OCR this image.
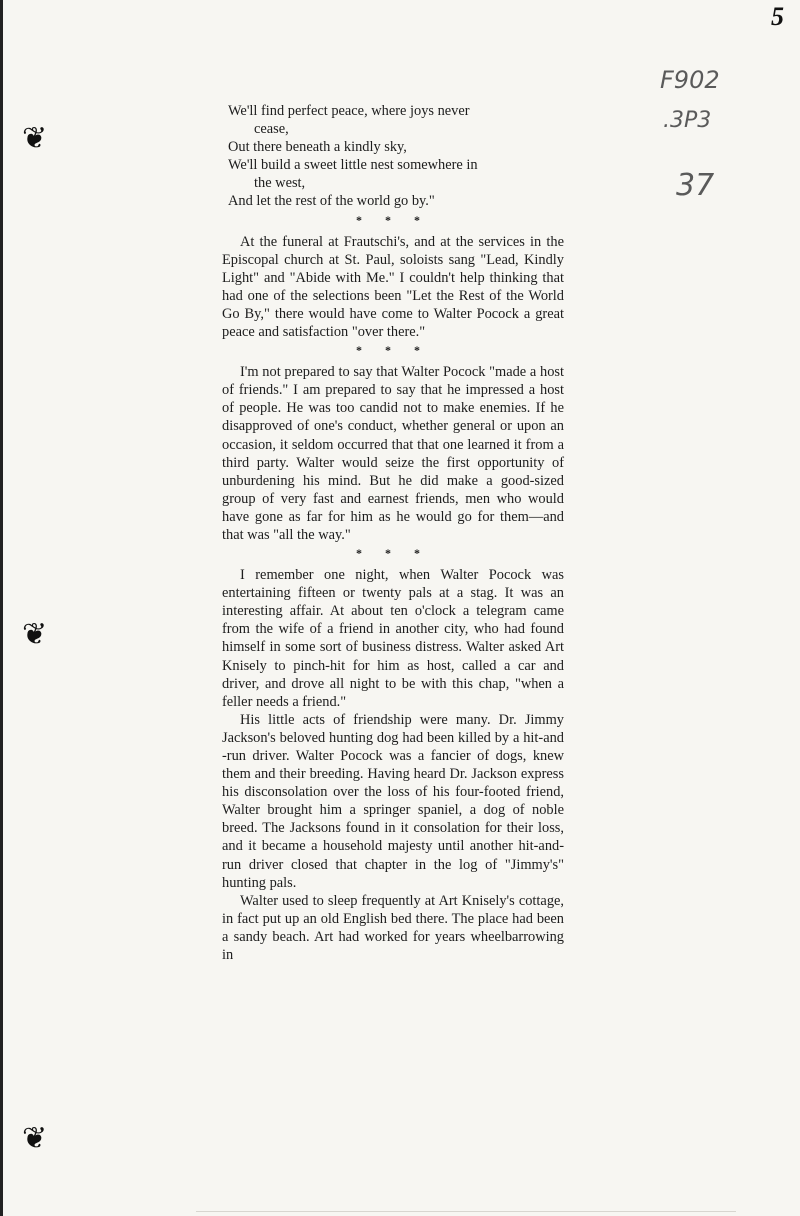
5
F902
.3P3
37
❦
❦
❦
We'll find perfect peace, where joys never
cease,
Out there beneath a kindly sky,
We'll build a sweet little nest somewhere in
the west,
And let the rest of the world go by."
* * *

At the funeral at Frautschi's, and at the services in the Episcopal church at St. Paul, soloists sang "Lead, Kindly Light" and "Abide with Me." I couldn't help thinking that had one of the selections been "Let the Rest of the World Go By," there would have come to Walter Pocock a great peace and satisfaction "over there."

* * *

I'm not prepared to say that Walter Pocock "made a host of friends." I am prepared to say that he impressed a host of people. He was too candid not to make enemies. If he disapproved of one's conduct, whether general or upon an occasion, it seldom occurred that that one learned it from a third party. Walter would seize the first opportunity of unburdening his mind. But he did make a good-sized group of very fast and earnest friends, men who would have gone as far for him as he would go for them—and that was "all the way."

* * *

I remember one night, when Walter Pocock was entertaining fifteen or twenty pals at a stag. It was an interesting affair. At about ten o'clock a telegram came from the wife of a friend in another city, who had found himself in some sort of business distress. Walter asked Art Knisely to pinch-hit for him as host, called a car and driver, and drove all night to be with this chap, "when a feller needs a friend."

His little acts of friendship were many. Dr. Jimmy Jackson's beloved hunting dog had been killed by a hit-and -run driver. Walter Pocock was a fancier of dogs, knew them and their breeding. Having heard Dr. Jackson express his disconsolation over the loss of his four-footed friend, Walter brought him a springer spaniel, a dog of noble breed. The Jacksons found in it consolation for their loss, and it became a household majesty until another hit-and-run driver closed that chapter in the log of "Jimmy's" hunting pals.

Walter used to sleep frequently at Art Knisely's cottage, in fact put up an old English bed there. The place had been a sandy beach. Art had worked for years wheelbarrowing in
